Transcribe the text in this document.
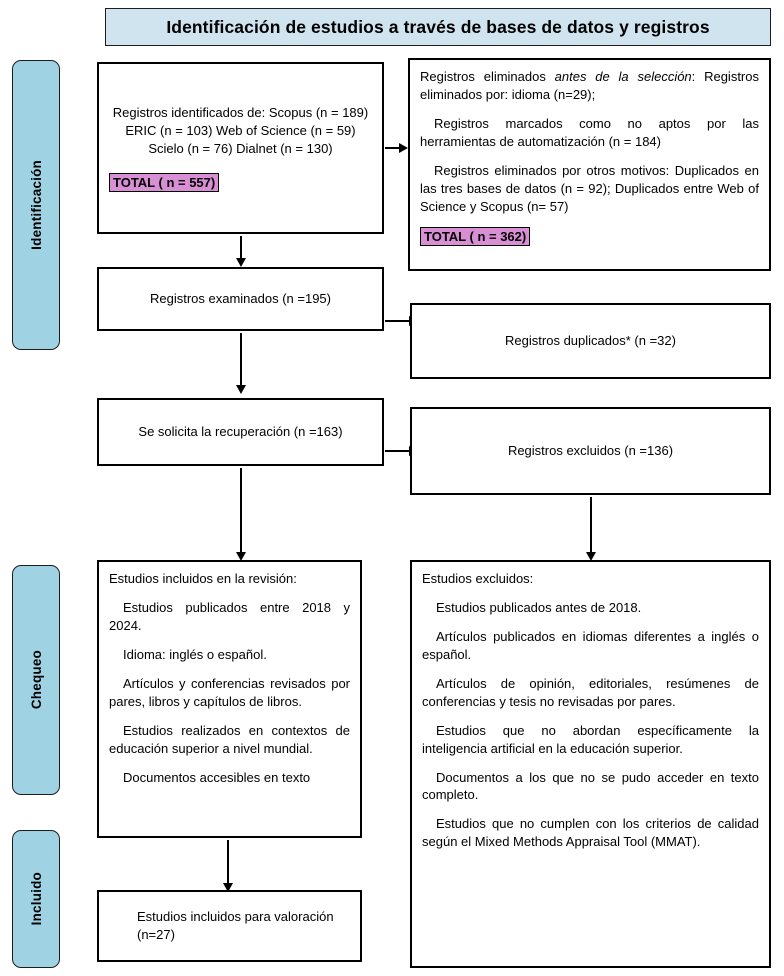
Identificación de estudios a través de bases de datos y registros
Identificación
Chequeo
Incluido

Registros identificados de: Scopus (n = 189) ERIC (n = 103) Web of Science (n = 59) Scielo (n = 76) Dialnet (n = 130)

TOTAL ( n = 557)

Registros eliminados antes de la selección: Registros eliminados por: idioma (n=29);

Registros marcados como no aptos por las herramientas de automatización (n = 184)

Registros eliminados por otros motivos: Duplicados en las tres bases de datos (n = 92); Duplicados entre Web of Science y Scopus (n= 57)

TOTAL ( n = 362)

Registros examinados (n =195)

Registros duplicados* (n =32)

Se solicita la recuperación (n =163)

Registros excluidos (n =136)

Estudios incluidos en la revisión:

Estudios publicados entre 2018 y 2024.

Idioma: inglés o español.

Artículos y conferencias revisados por pares, libros y capítulos de libros.

Estudios realizados en contextos de educación superior a nivel mundial.

Documentos accesibles en texto

Estudios excluidos:

Estudios publicados antes de 2018.

Artículos publicados en idiomas diferentes a inglés o español.

Artículos de opinión, editoriales, resúmenes de conferencias y tesis no revisadas por pares.

Estudios que no abordan específicamente la inteligencia artificial en la educación superior.

Documentos a los que no se pudo acceder en texto completo.

Estudios que no cumplen con los criterios de calidad según el Mixed Methods Appraisal Tool (MMAT).

Estudios incluidos para valoración (n=27)
